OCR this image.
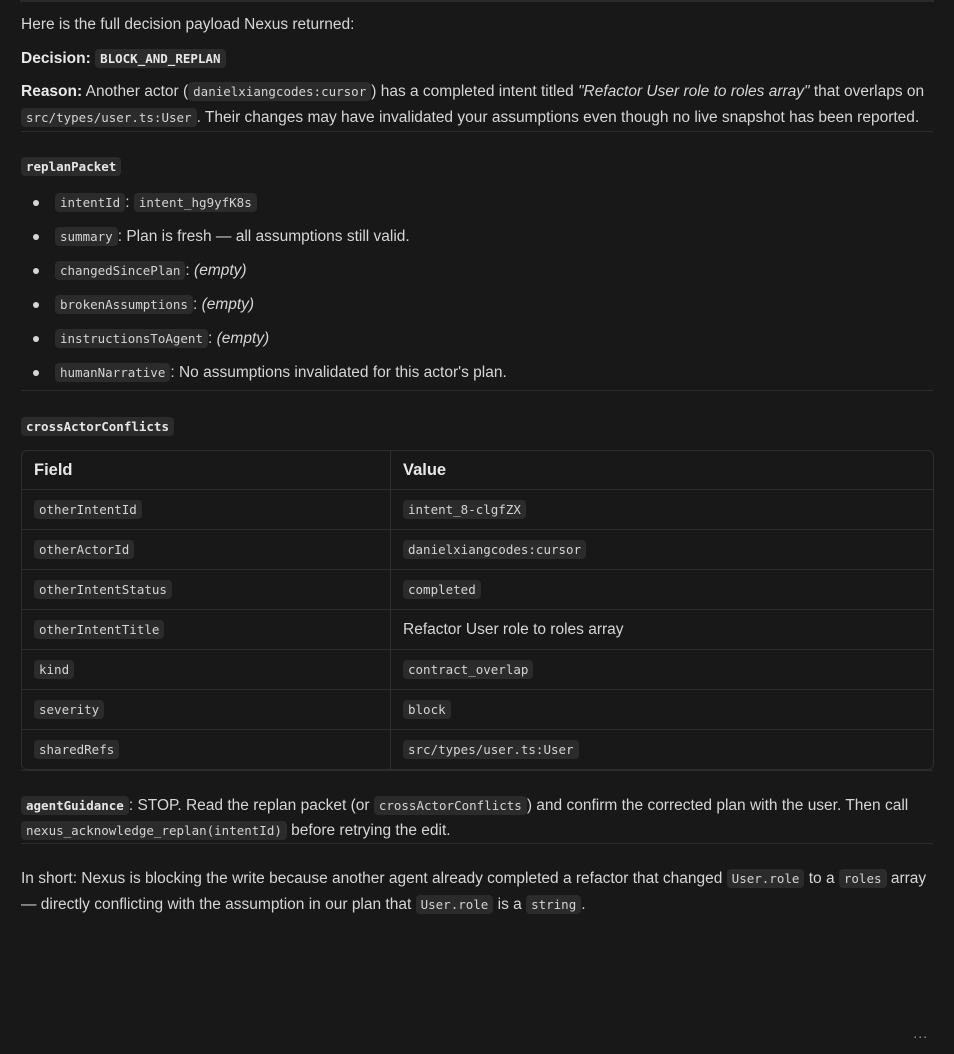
Here is the full decision payload Nexus returned:

Decision: BLOCK_AND_REPLAN

Reason: Another actor ( danielxiangcodes:cursor ) has a completed intent titled "Refactor User role to roles array" that overlaps on src/types/user.ts:User . Their changes may have invalidated your assumptions even though no live snapshot has been reported.

replanPacket
intentId : intent_hg9yfK8s
summary : Plan is fresh — all assumptions still valid.
changedSincePlan : (empty)
brokenAssumptions : (empty)
instructionsToAgent : (empty)
humanNarrative : No assumptions invalidated for this actor's plan.
crossActorConflicts
Field	Value
otherIntentId	intent_8-clgfZX
otherActorId	danielxiangcodes:cursor
otherIntentStatus	completed
otherIntentTitle	Refactor User role to roles array
kind	contract_overlap
severity	block
sharedRefs	src/types/user.ts:User

agentGuidance : STOP. Read the replan packet (or crossActorConflicts ) and confirm the corrected plan with the user. Then call nexus_acknowledge_replan(intentId) before retrying the edit.

In short: Nexus is blocking the write because another agent already completed a refactor that changed User.role to a roles array — directly conflicting with the assumption in our plan that User.role is a string .

...
